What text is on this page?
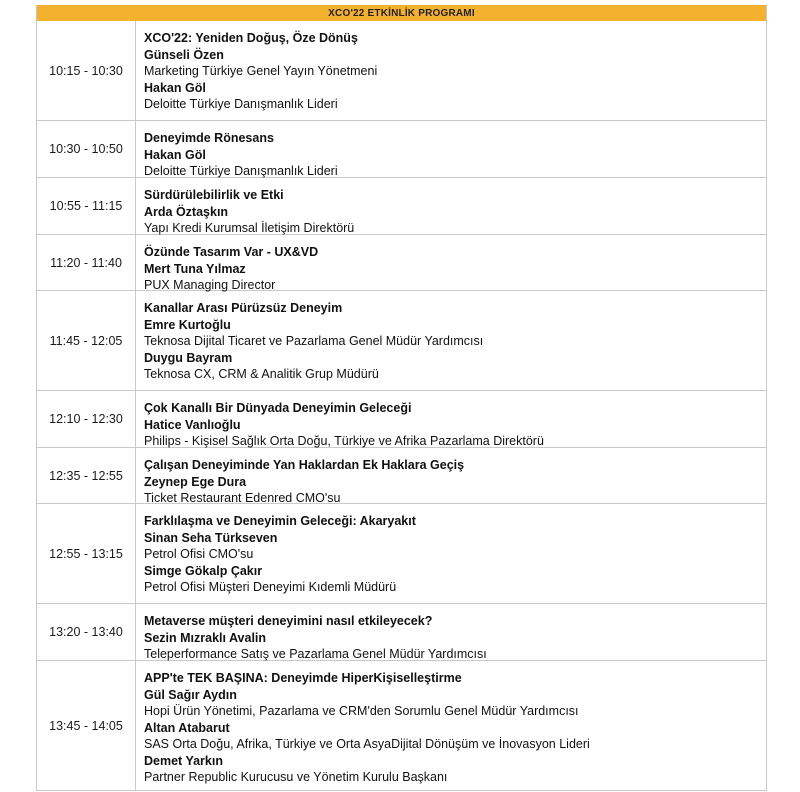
XCO'22 ETKİNLİK PROGRAMI
10:15 - 10:30
XCO'22: Yeniden Doğuş, Öze Dönüş
Günseli Özen
Marketing Türkiye Genel Yayın Yönetmeni
Hakan Göl
Deloitte Türkiye Danışmanlık Lideri
10:30 - 10:50
Deneyimde Rönesans
Hakan Göl
Deloitte Türkiye Danışmanlık Lideri
10:55 - 11:15
Sürdürülebilirlik ve Etki
Arda Öztaşkın
Yapı Kredi Kurumsal İletişim Direktörü
11:20 - 11:40
Özünde Tasarım Var - UX&VD
Mert Tuna Yılmaz
PUX Managing Director
11:45 - 12:05
Kanallar Arası Pürüzsüz Deneyim
Emre Kurtoğlu
Teknosa Dijital Ticaret ve Pazarlama Genel Müdür Yardımcısı
Duygu Bayram
Teknosa CX, CRM & Analitik Grup Müdürü
12:10 - 12:30
Çok Kanallı Bir Dünyada Deneyimin Geleceği
Hatice Vanlıoğlu
Philips - Kişisel Sağlık Orta Doğu, Türkiye ve Afrika Pazarlama Direktörü
12:35 - 12:55
Çalışan Deneyiminde Yan Haklardan Ek Haklara Geçiş
Zeynep Ege Dura
Ticket Restaurant Edenred CMO'su
12:55 - 13:15
Farklılaşma ve Deneyimin Geleceği: Akaryakıt
Sinan Seha Türkseven
Petrol Ofisi CMO'su
Simge Gökalp Çakır
Petrol Ofisi Müşteri Deneyimi Kıdemli Müdürü
13:20 - 13:40
Metaverse müşteri deneyimini nasıl etkileyecek?
Sezin Mızraklı Avalin
Teleperformance Satış ve Pazarlama Genel Müdür Yardımcısı
13:45 - 14:05
APP'te TEK BAŞINA: Deneyimde HiperKişiselleştirme
Gül Sağır Aydın
Hopi Ürün Yönetimi, Pazarlama ve CRM'den Sorumlu Genel Müdür Yardımcısı
Altan Atabarut
SAS Orta Doğu, Afrika, Türkiye ve Orta AsyaDijital Dönüşüm ve İnovasyon Lideri
Demet Yarkın
Partner Republic Kurucusu ve Yönetim Kurulu Başkanı
